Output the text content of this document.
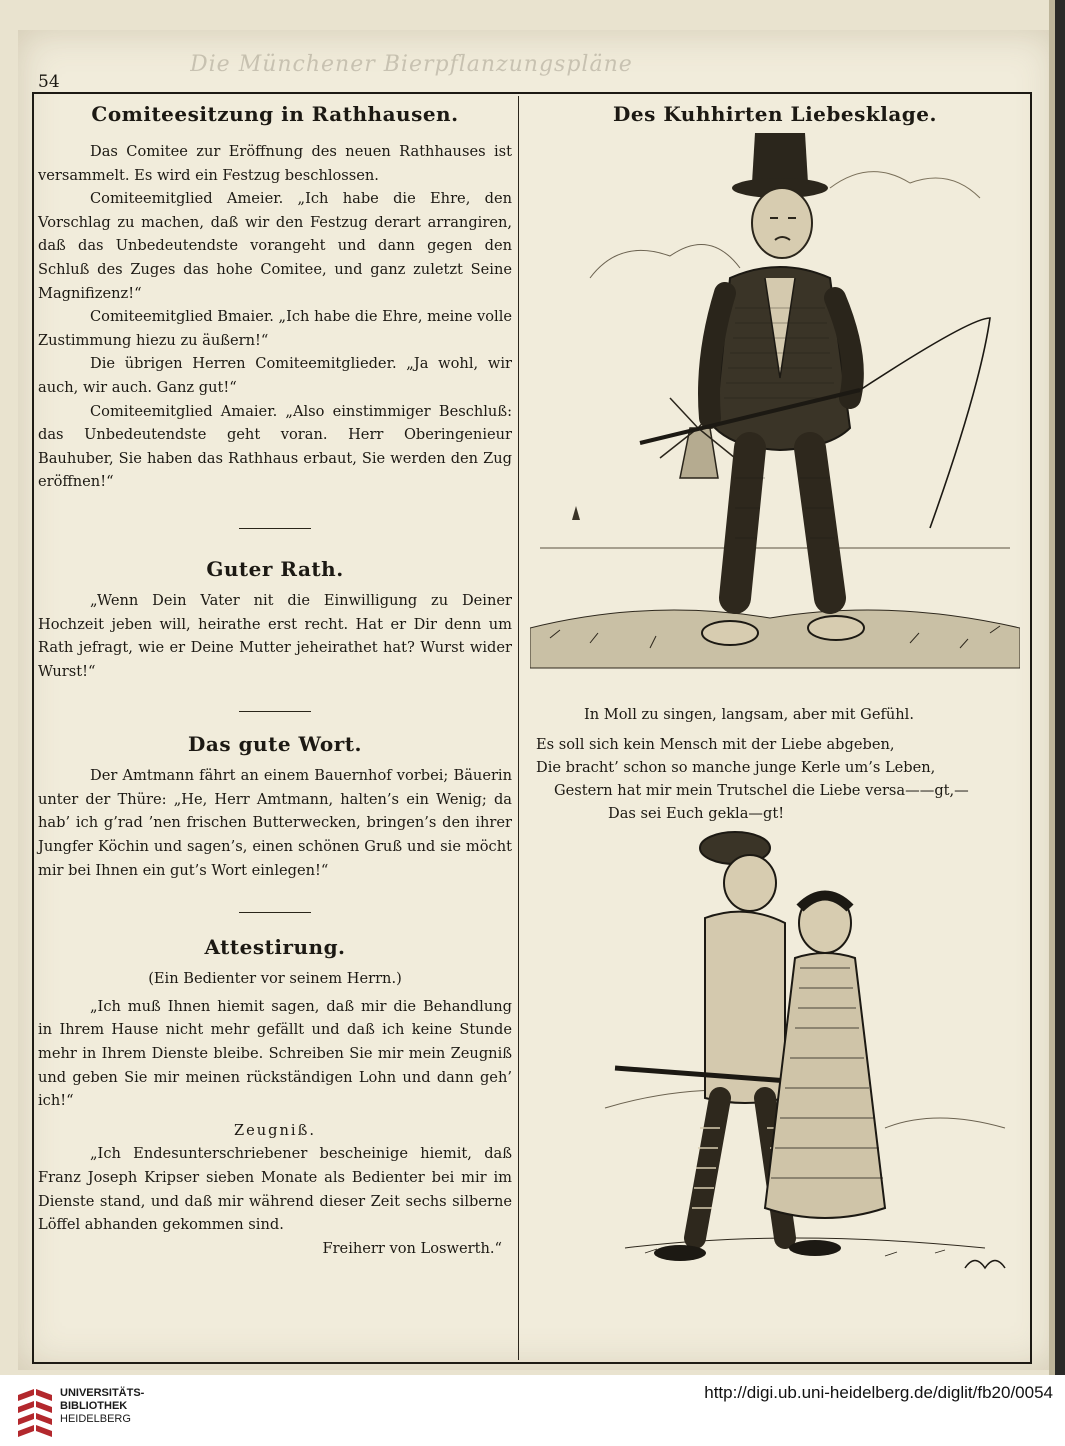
Die Münchener Bierpflanzungspläne
54
Comiteesitzung in Rathhausen.

Das Comitee zur Eröffnung des neuen Rathhauses ist versammelt. Es wird ein Festzug beschlossen.

Comiteemitglied Ameier. „Ich habe die Ehre, den Vorschlag zu machen, daß wir den Festzug derart arrangiren, daß das Unbedeutendste vorangeht und dann gegen den Schluß des Zuges das hohe Comitee, und ganz zuletzt Seine Magnifizenz!“

Comiteemitglied Bmaier. „Ich habe die Ehre, meine volle Zustimmung hiezu zu äußern!“

Die übrigen Herren Comiteemitglieder. „Ja wohl, wir auch, wir auch. Ganz gut!“

Comiteemitglied Amaier. „Also einstimmiger Beschluß: das Unbedeutendste geht voran. Herr Oberingenieur Bauhuber, Sie haben das Rathhaus erbaut, Sie werden den Zug eröffnen!“

Guter Rath.

„Wenn Dein Vater nit die Einwilligung zu Deiner Hochzeit jeben will, heirathe erst recht. Hat er Dir denn um Rath jefragt, wie er Deine Mutter jeheirathet hat? Wurst wider Wurst!“

Das gute Wort.

Der Amtmann fährt an einem Bauernhof vorbei; Bäuerin unter der Thüre: „He, Herr Amtmann, halten’s ein Wenig; da hab’ ich g’rad ’nen frischen Butterwecken, bringen’s den ihrer Jungfer Köchin und sagen’s, einen schönen Gruß und sie möcht mir bei Ihnen ein gut’s Wort einlegen!“

Attestirung.

(Ein Bedienter vor seinem Herrn.)

„Ich muß Ihnen hiemit sagen, daß mir die Behandlung in Ihrem Hause nicht mehr gefällt und daß ich keine Stunde mehr in Ihrem Dienste bleibe. Schreiben Sie mir mein Zeugniß und geben Sie mir meinen rückständigen Lohn und dann geh’ ich!“

Zeugniß.

„Ich Endesunterschriebener bescheinige hiemit, daß Franz Joseph Kripser sieben Monate als Bedienter bei mir im Dienste stand, und daß mir während dieser Zeit sechs silberne Löffel abhanden gekommen sind.

Freiherr von Loswerth.“

Des Kuhhirten Liebesklage.
In Moll zu singen, langsam, aber mit Gefühl.
Es soll sich kein Mensch mit der Liebe abgeben,
Die bracht’ schon so manche junge Kerle um’s Leben,
Gestern hat mir mein Trutschel die Liebe versa——gt,—
Das sei Euch gekla—gt!
UNIVERSITÄTS-
BIBLIOTHEK
HEIDELBERG
http://digi.ub.uni-heidelberg.de/diglit/fb20/0054
